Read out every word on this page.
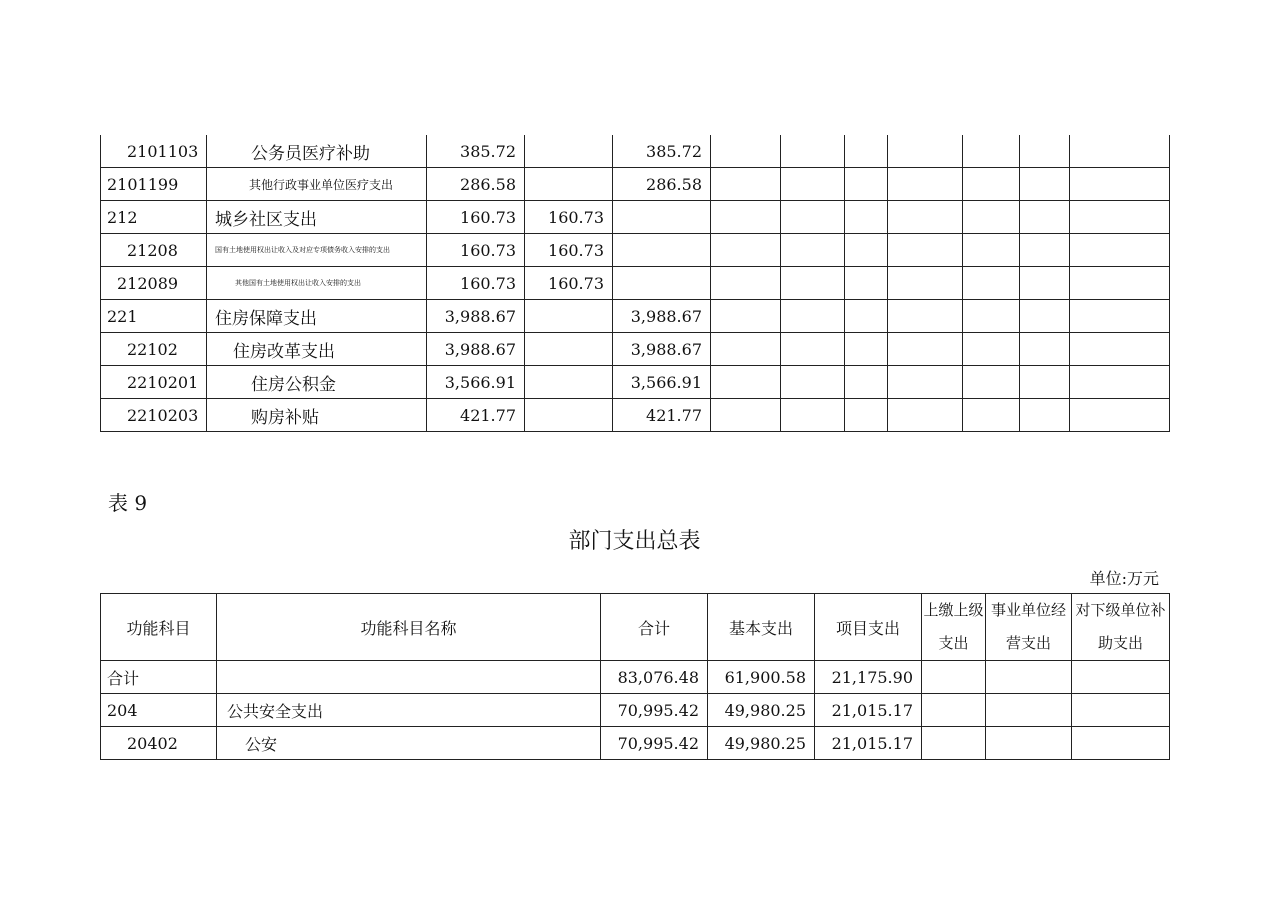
2101103	公务员医疗补助	385.72		385.72							
2101199	其他行政事业单位医疗支出	286.58		286.58							
212	城乡社区支出	160.73	160.73								
21208	国有土地使用权出让收入及对应专项债务收入安排的支出	160.73	160.73								
212089	其他国有土地使用权出让收入安排的支出	160.73	160.73								
221	住房保障支出	3,988.67		3,988.67							
22102	住房改革支出	3,988.67		3,988.67							
2210201	住房公积金	3,566.91		3,566.91							
2210203	购房补贴	421.77		421.77							
表 9
部门支出总表
单位:万元
功能科目	功能科目名称	合计	基本支出	项目支出	上缴上级支出	事业单位经营支出	对下级单位补助支出
合计		83,076.48	61,900.58	21,175.90			
204	公共安全支出	70,995.42	49,980.25	21,015.17			
20402	公安	70,995.42	49,980.25	21,015.17			
